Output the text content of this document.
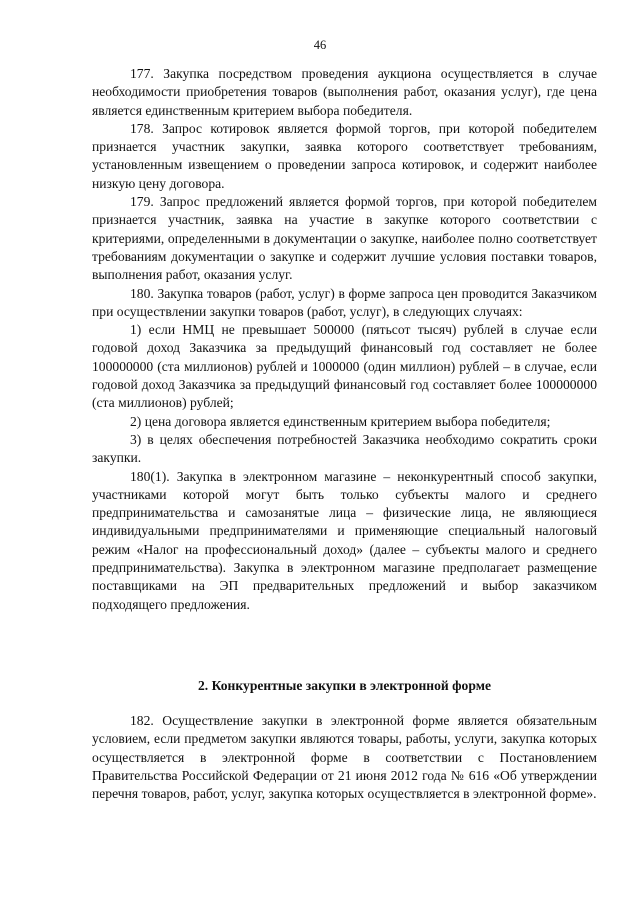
46

177. Закупка посредством проведения аукциона осуществляется в случае необходимости приобретения товаров (выполнения работ, оказания услуг), где цена является единственным критерием выбора победителя.

178. Запрос котировок является формой торгов, при которой победителем признается участник закупки, заявка которого соответствует требованиям, установленным извещением о проведении запроса котировок, и содержит наиболее низкую цену договора.

179. Запрос предложений является формой торгов, при которой победителем признается участник, заявка на участие в закупке которого соответствии с критериями, определенными в документации о закупке, наиболее полно соответствует требованиям документации о закупке и содержит лучшие условия поставки товаров, выполнения работ, оказания услуг.

180. Закупка товаров (работ, услуг) в форме запроса цен проводится Заказчиком при осуществлении закупки товаров (работ, услуг), в следующих случаях:

1) если НМЦ не превышает 500000 (пятьсот тысяч) рублей в случае если годовой доход Заказчика за предыдущий финансовый год составляет не более 100000000 (ста миллионов) рублей и 1000000 (один миллион) рублей – в случае, если годовой доход Заказчика за предыдущий финансовый год составляет более 100000000 (ста миллионов) рублей;

2) цена договора является единственным критерием выбора победителя;

3) в целях обеспечения потребностей Заказчика необходимо сократить сроки закупки.

180(1). Закупка в электронном магазине – неконкурентный способ закупки, участниками которой могут быть только субъекты малого и среднего предпринимательства и самозанятые лица – физические лица, не являющиеся индивидуальными предпринимателями и применяющие специальный налоговый режим «Налог на профессиональный доход» (далее – субъекты малого и среднего предпринимательства). Закупка в электронном магазине предполагает размещение поставщиками на ЭП предварительных предложений и выбор заказчиком подходящего предложения.

2. Конкурентные закупки в электронной форме

182. Осуществление закупки в электронной форме является обязательным условием, если предметом закупки являются товары, работы, услуги, закупка которых осуществляется в электронной форме в соответствии с Постановлением Правительства Российской Федерации от 21 июня 2012 года № 616 «Об утверждении перечня товаров, работ, услуг, закупка которых осуществляется в электронной форме».
